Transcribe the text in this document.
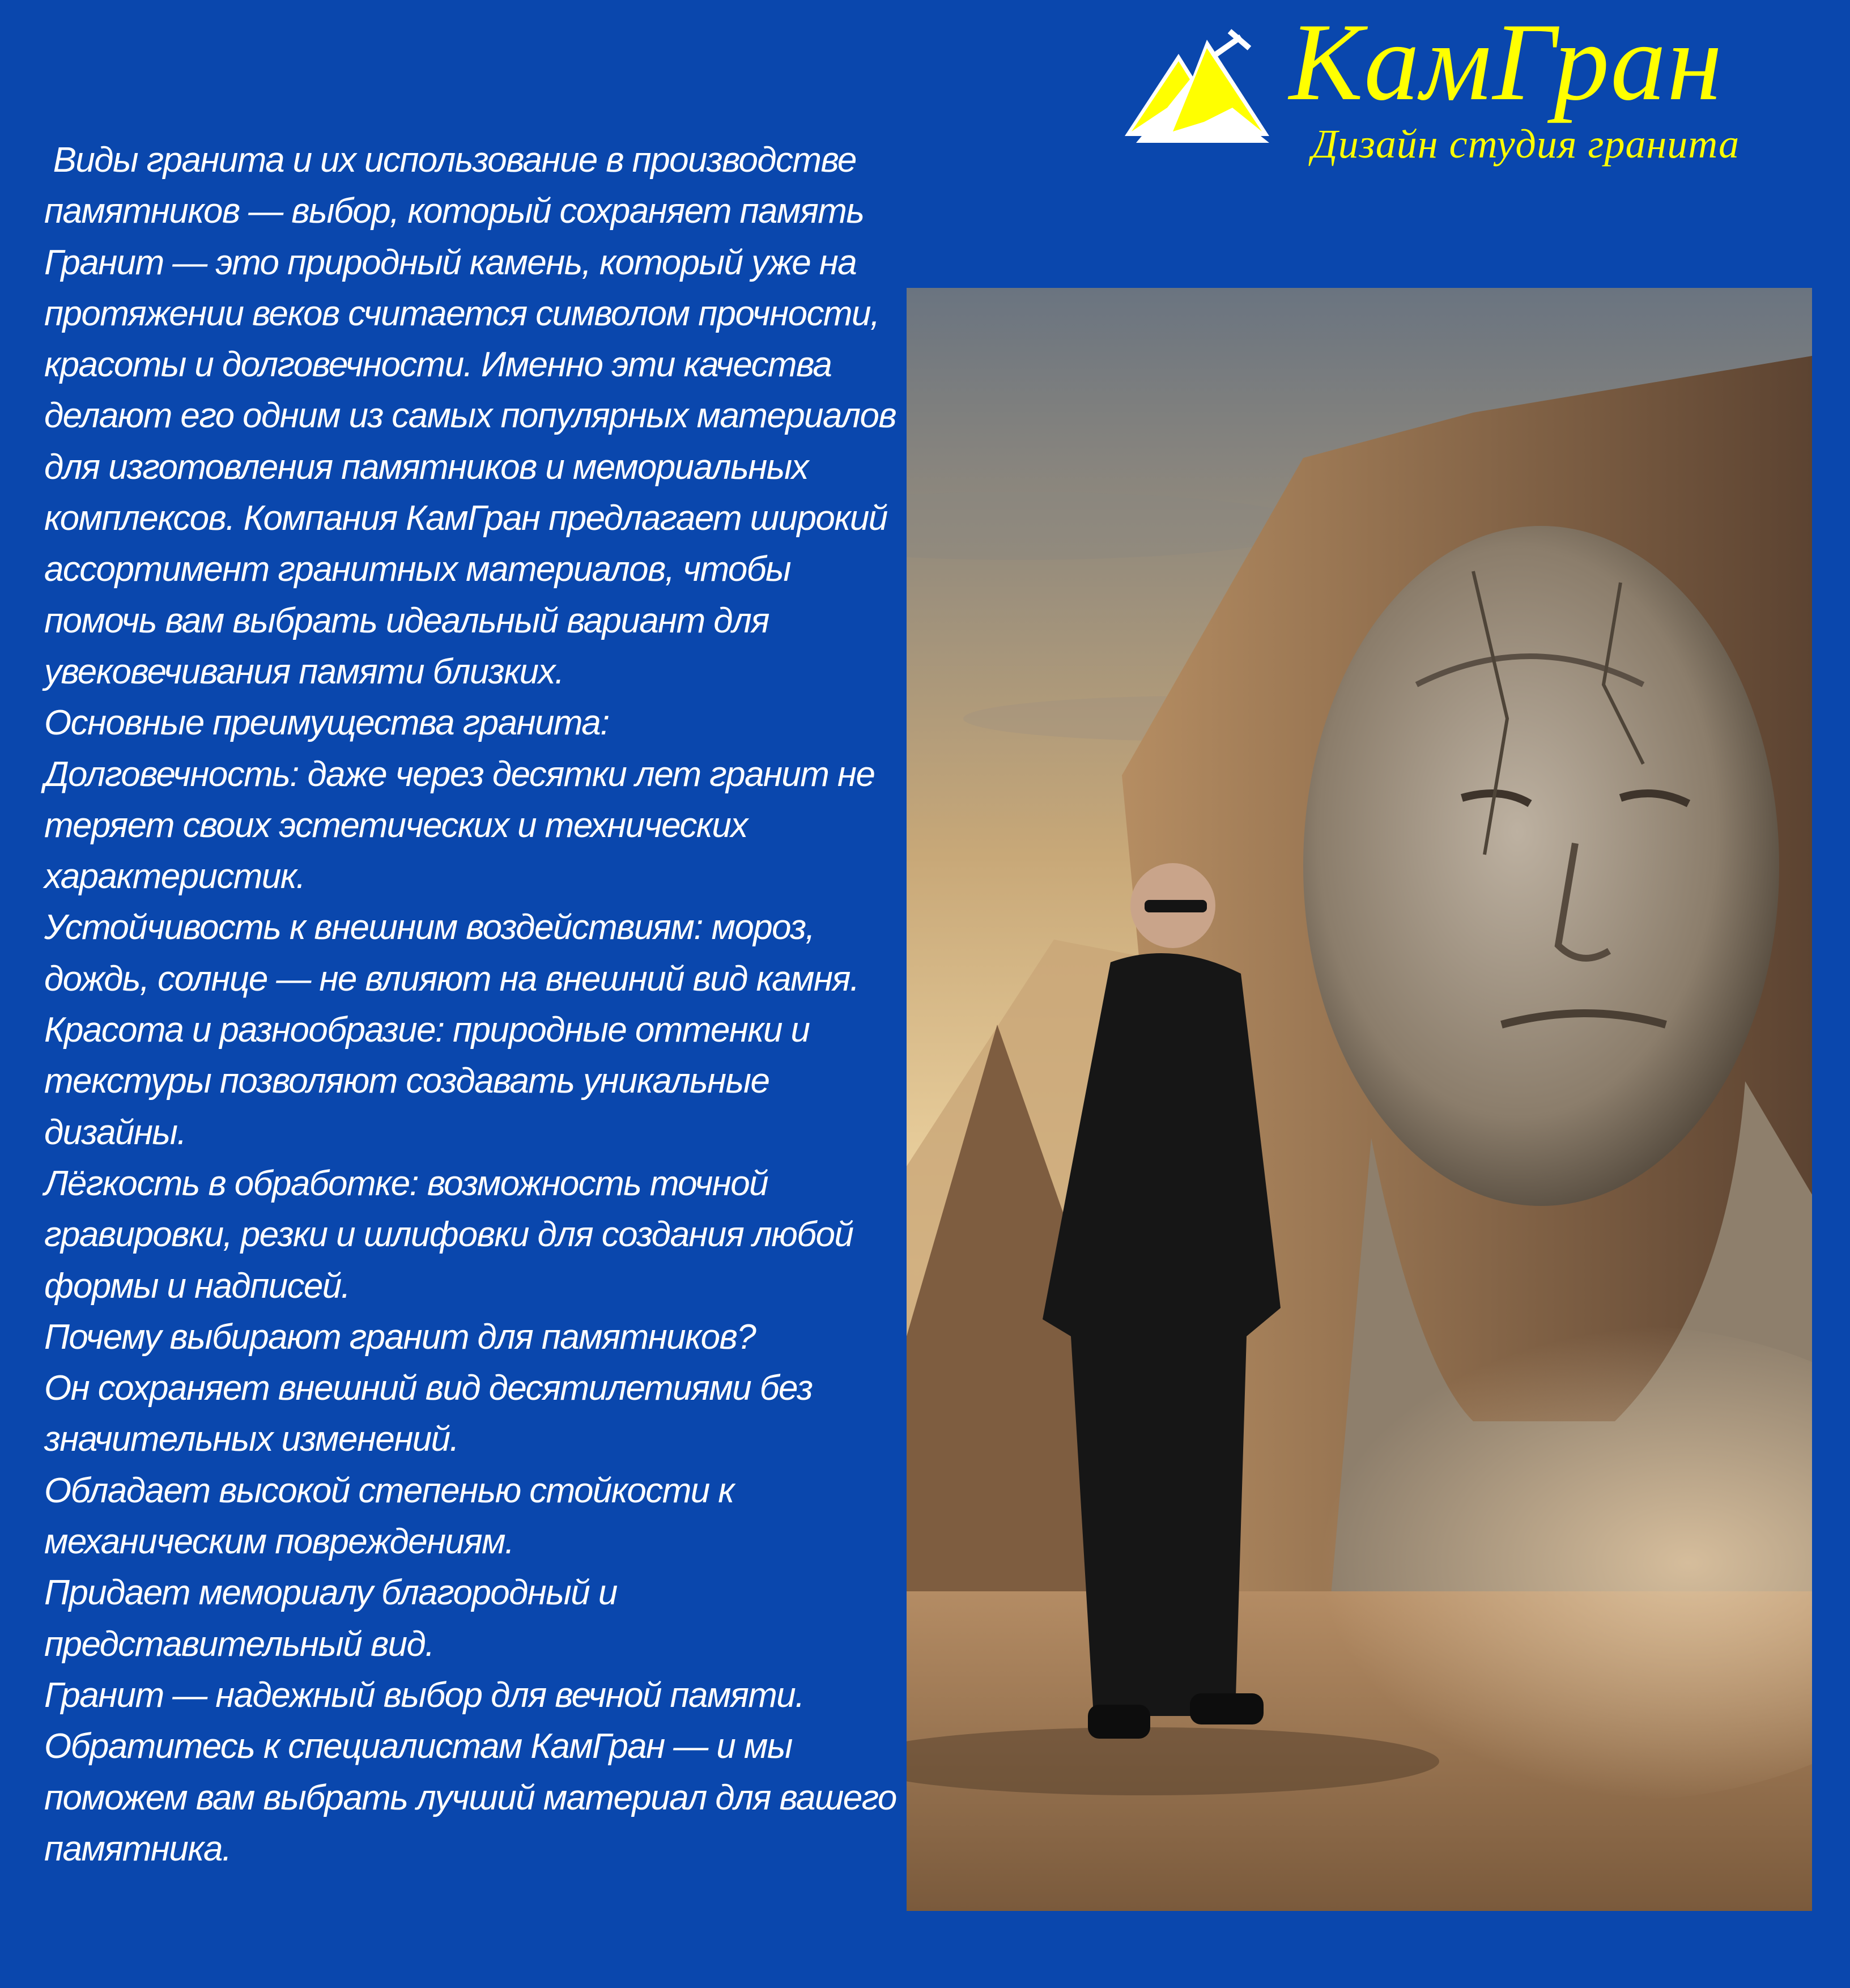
КамГран
Дизайн студия гранита

Виды гранита и их использование в производстве памятников — выбор, который сохраняет память

Гранит — это природный камень, который уже на протяжении веков считается символом прочности, красоты и долговечности. Именно эти качества делают его одним из самых популярных материалов для изготовления памятников и мемориальных комплексов. Компания КамГран предлагает широкий ассортимент гранитных материалов, чтобы помочь вам выбрать идеальный вариант для увековечивания памяти близких.

Основные преимущества гранита:

Долговечность: даже через десятки лет гранит не теряет своих эстетических и технических характеристик.

Устойчивость к внешним воздействиям: мороз, дождь, солнце — не влияют на внешний вид камня.

Красота и разнообразие: природные оттенки и текстуры позволяют создавать уникальные дизайны.

Лёгкость в обработке: возможность точной гравировки, резки и шлифовки для создания любой формы и надписей.

Почему выбирают гранит для памятников?

Он сохраняет внешний вид десятилетиями без значительных изменений.

Обладает высокой степенью стойкости к механическим повреждениям.

Придает мемориалу благородный и представительный вид.

Гранит — надежный выбор для вечной памяти.

Обратитесь к специалистам КамГран — и мы поможем вам выбрать лучший материал для вашего памятника.
